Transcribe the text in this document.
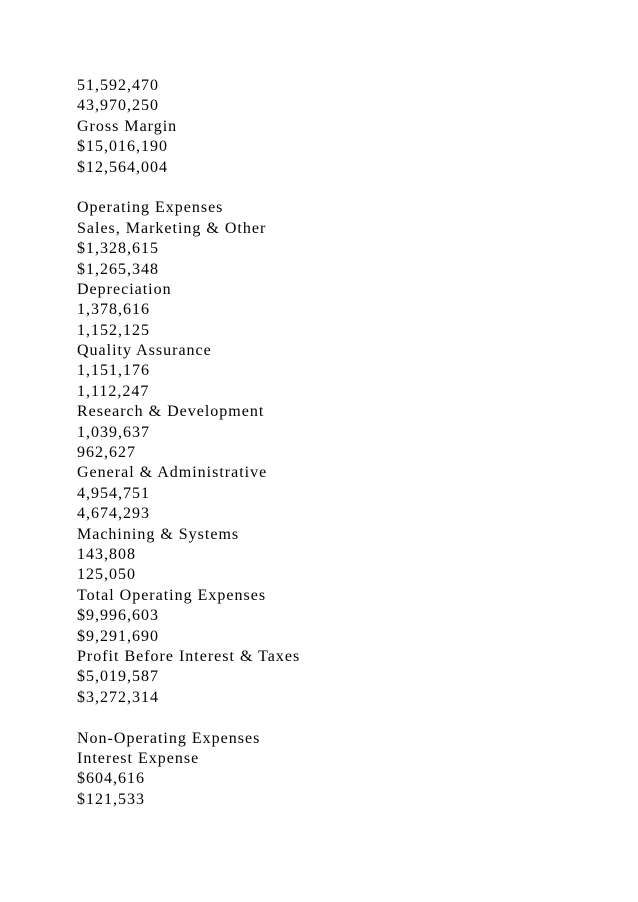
51,592,470
43,970,250
Gross Margin
$15,016,190
$12,564,004
Operating Expenses
Sales, Marketing & Other
$1,328,615
$1,265,348
Depreciation
1,378,616
1,152,125
Quality Assurance
1,151,176
1,112,247
Research & Development
1,039,637
962,627
General & Administrative
4,954,751
4,674,293
Machining & Systems
143,808
125,050
Total Operating Expenses
$9,996,603
$9,291,690
Profit Before Interest & Taxes
$5,019,587
$3,272,314
Non-Operating Expenses
Interest Expense
$604,616
$121,533
